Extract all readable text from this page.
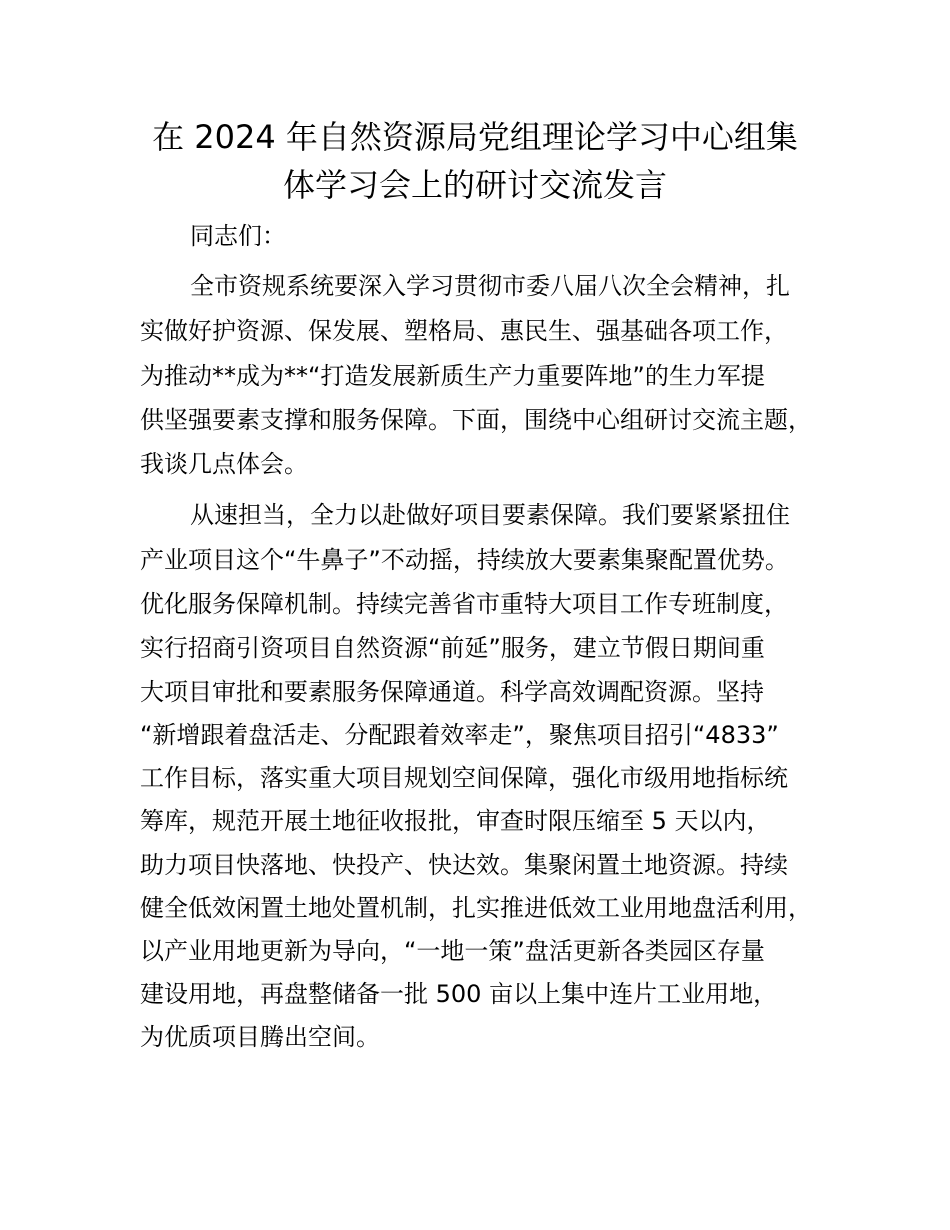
在 2024 年自然资源局党组理论学习中心组集
体学习会上的研讨交流发言

同志们：

全市资规系统要深入学习贯彻市委八届八次全会精神，扎

实做好护资源、保发展、塑格局、惠民生、强基础各项工作，

为推动**成为**“打造发展新质生产力重要阵地”的生力军提

供坚强要素支撑和服务保障。下面，围绕中心组研讨交流主题，

我谈几点体会。

从速担当，全力以赴做好项目要素保障。我们要紧紧扭住

产业项目这个“牛鼻子”不动摇，持续放大要素集聚配置优势。

优化服务保障机制。持续完善省市重特大项目工作专班制度，

实行招商引资项目自然资源“前延”服务，建立节假日期间重

大项目审批和要素服务保障通道。科学高效调配资源。坚持

“新增跟着盘活走、分配跟着效率走”，聚焦项目招引“4833”

工作目标，落实重大项目规划空间保障，强化市级用地指标统

筹库，规范开展土地征收报批，审查时限压缩至 5 天以内，

助力项目快落地、快投产、快达效。集聚闲置土地资源。持续

健全低效闲置土地处置机制，扎实推进低效工业用地盘活利用，

以产业用地更新为导向，“一地一策”盘活更新各类园区存量

建设用地，再盘整储备一批 500 亩以上集中连片工业用地，

为优质项目腾出空间。
